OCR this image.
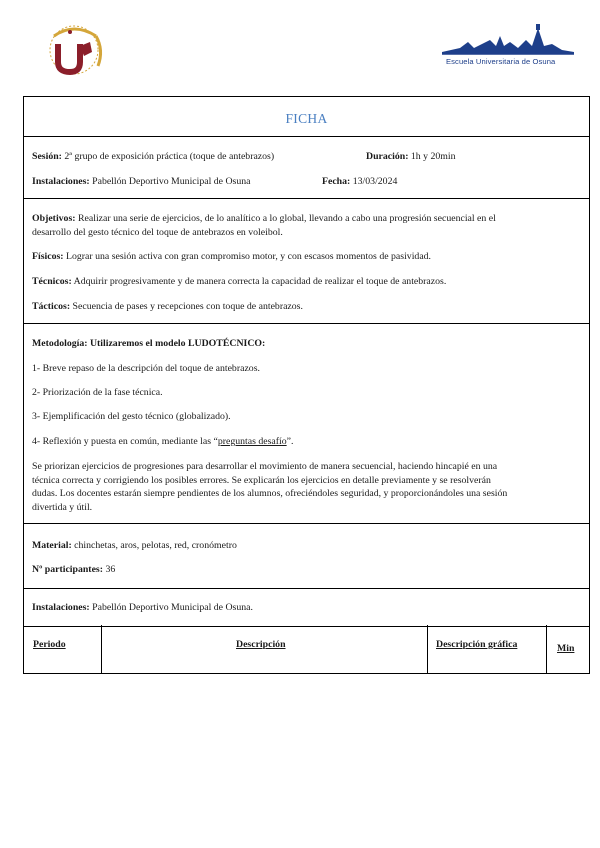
Escuela Universitaria de Osuna
FICHA
Sesión: 2ª grupo de exposición práctica (toque de antebrazos)	Duración: 1h y 20min
Instalaciones: Pabellón Deportivo Municipal de Osuna	Fecha: 13/03/2024
Objetivos: Realizar una serie de ejercicios, de lo analítico a lo global, llevando a cabo una progresión secuencial en el
desarrollo del gesto técnico del toque de antebrazos en voleibol.
Físicos: Lograr una sesión activa con gran compromiso motor, y con escasos momentos de pasividad.
Técnicos: Adquirir progresivamente y de manera correcta la capacidad de realizar el toque de antebrazos.
Tácticos: Secuencia de pases y recepciones con toque de antebrazos.
Metodología: Utilizaremos el modelo LUDOTÉCNICO:
1- Breve repaso de la descripción del toque de antebrazos.
2- Priorización de la fase técnica.
3- Ejemplificación del gesto técnico (globalizado).
4- Reflexión y puesta en común, mediante las “preguntas desafío”.
Se priorizan ejercicios de progresiones para desarrollar el movimiento de manera secuencial, haciendo hincapié en una
técnica correcta y corrigiendo los posibles errores. Se explicarán los ejercicios en detalle previamente y se resolverán
dudas. Los docentes estarán siempre pendientes de los alumnos, ofreciéndoles seguridad, y proporcionándoles una sesión
divertida y útil.
Material: chinchetas, aros, pelotas, red, cronómetro
Nº participantes: 36
Instalaciones: Pabellón Deportivo Municipal de Osuna.
Periodo	Descripción	Descripción gráfica	Min
